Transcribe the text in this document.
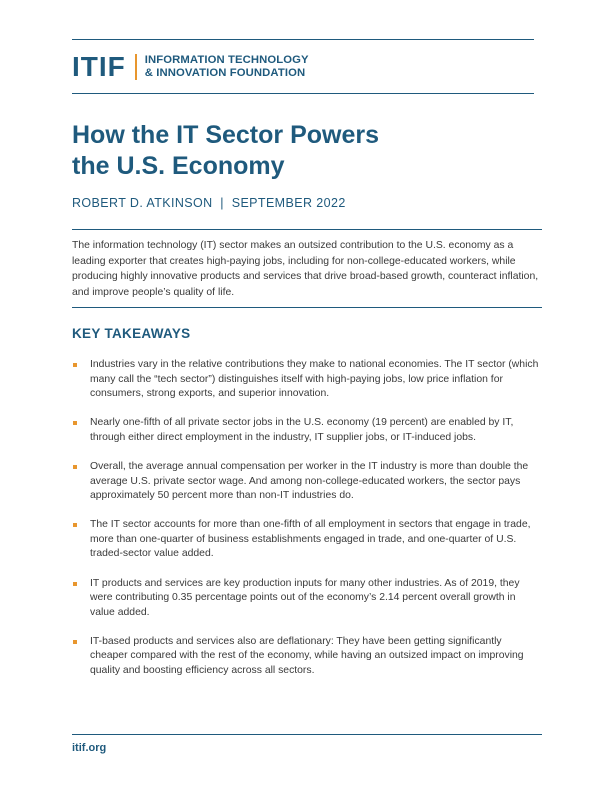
ITIF INFORMATION TECHNOLOGY
& INNOVATION FOUNDATION
How the IT Sector Powers
the U.S. Economy
ROBERT D. ATKINSON  |  SEPTEMBER 2022

The information technology (IT) sector makes an outsized contribution to the U.S. economy as a leading exporter that creates high-paying jobs, including for non-college-educated workers, while producing highly innovative products and services that drive broad-based growth, counteract inflation, and improve people’s quality of life.

KEY TAKEAWAYS
Industries vary in the relative contributions they make to national economies. The IT sector (which many call the “tech sector”) distinguishes itself with high-paying jobs, low price inflation for consumers, strong exports, and superior innovation.
Nearly one-fifth of all private sector jobs in the U.S. economy (19 percent) are enabled by IT, through either direct employment in the industry, IT supplier jobs, or IT-induced jobs.
Overall, the average annual compensation per worker in the IT industry is more than double the average U.S. private sector wage. And among non-college-educated workers, the sector pays approximately 50 percent more than non-IT industries do.
The IT sector accounts for more than one-fifth of all employment in sectors that engage in trade, more than one-quarter of business establishments engaged in trade, and one-quarter of U.S. traded-sector value added.
IT products and services are key production inputs for many other industries. As of 2019, they were contributing 0.35 percentage points out of the economy’s 2.14 percent overall growth in value added.
IT-based products and services also are deflationary: They have been getting significantly cheaper compared with the rest of the economy, while having an outsized impact on improving quality and boosting efficiency across all sectors.
itif.org
